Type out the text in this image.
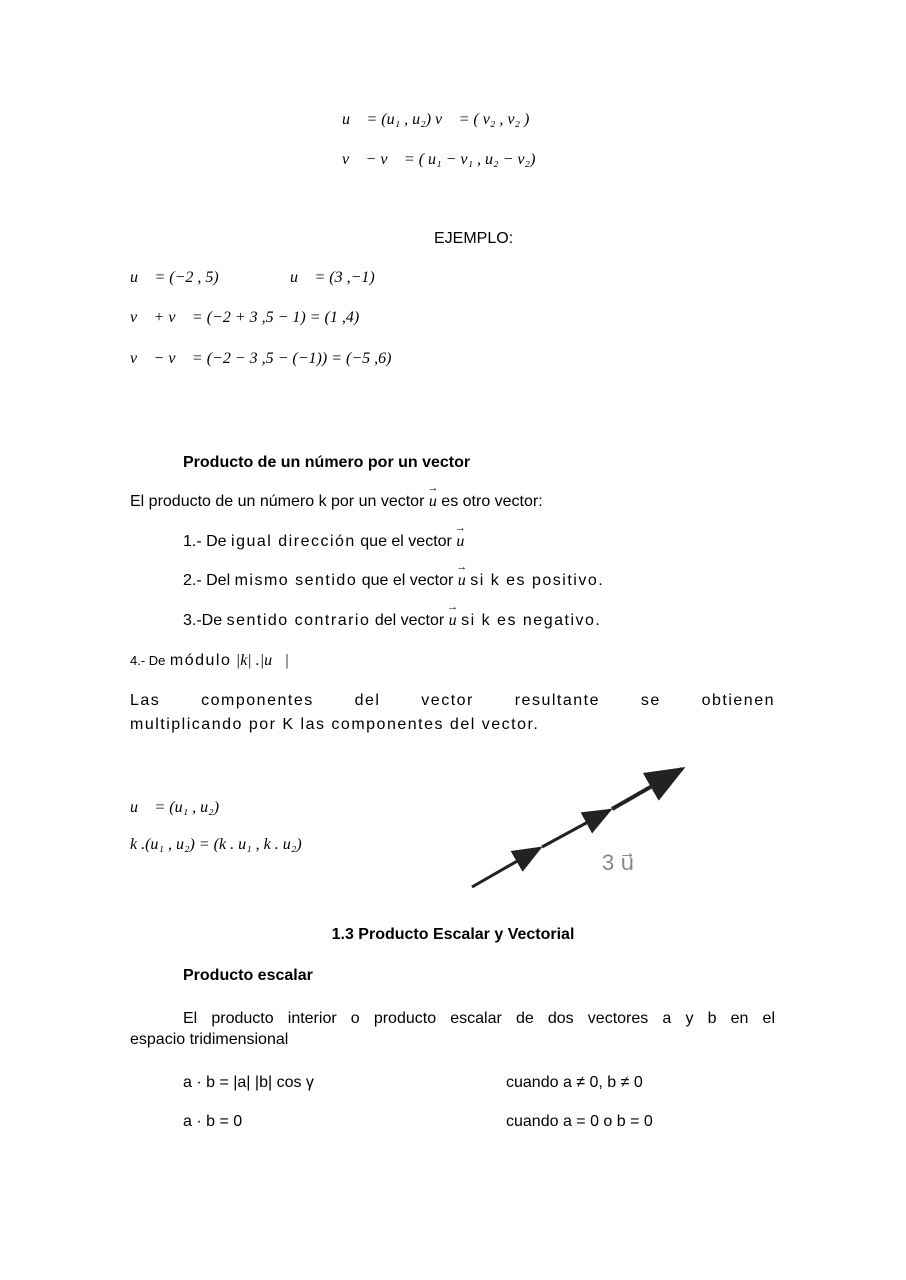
u⃗ = (u₁ , u₂) v⃗ = ( v₂ , v₂ )
v⃗ − v⃗ = ( u₁ − v₁ , u₂ − v₂)
EJEMPLO:
u⃗ = (−2 , 5)	u⃗ = (3 ,−1)
v⃗ + v⃗ = (−2 + 3 ,5 − 1) = (1 ,4)
v⃗ − v⃗ = (−2 − 3 ,5 − (−1)) = (−5 ,6)
Producto de un número por un vector
El producto de un número k por un vector → u es otro vector:
1.- De igual dirección que el vector → u
2.- Del mismo sentido que el vector → u si k es positivo.
3.-De sentido contrario del vector → u si k es negativo.
4.- De módulo |k| .|u⃗|
Las componentes del vector resultante se obtienen
multiplicando por K las componentes del vector.
u⃗ = (u₁ , u₂)
k .(u₁ , u₂) = (k . u₁ , k . u₂)
3 u⃗
1.3 Producto Escalar y Vectorial
Producto escalar
El producto interior o producto escalar de dos vectores a y b en el
espacio tridimensional
a · b = |a| |b| cos γ	cuando a ≠ 0, b ≠ 0
a · b = 0	cuando a = 0 o b = 0
